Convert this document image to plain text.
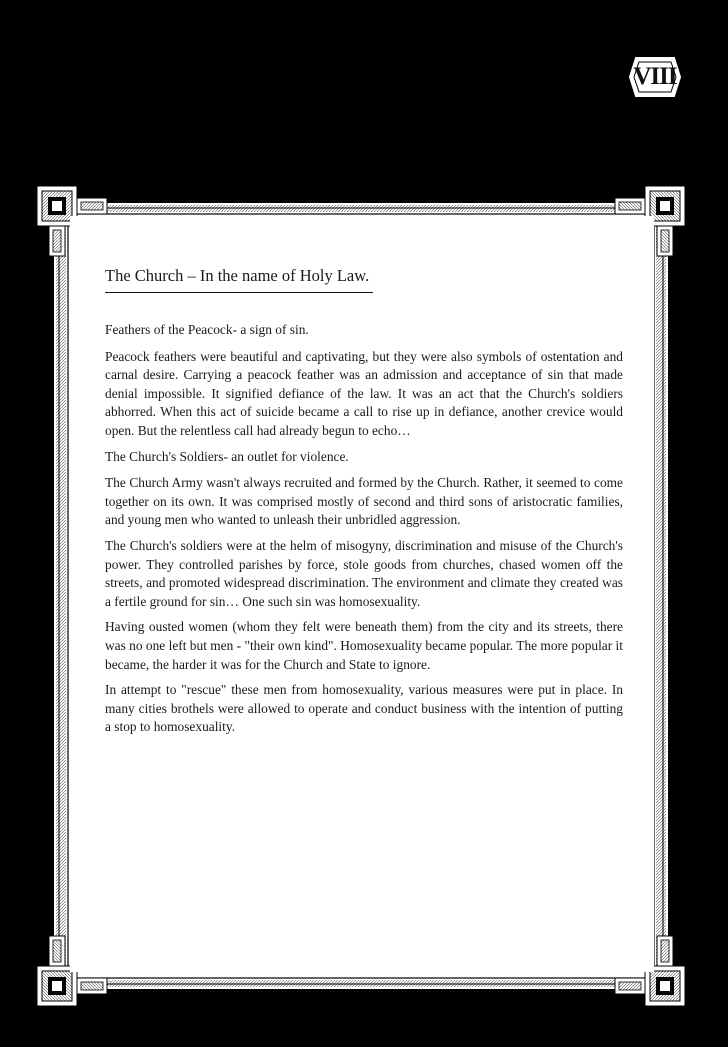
VIII
The Church – In the name of Holy Law.

Feathers of the Peacock- a sign of sin.

Peacock feathers were beautiful and captivating, but they were also symbols of ostentation and carnal desire. Carrying a peacock feather was an admission and acceptance of sin that made denial impossible. It signified defiance of the law. It was an act that the Church's soldiers abhorred. When this act of suicide became a call to rise up in defiance, another crevice would open. But the relentless call had already begun to echo…

The Church's Soldiers- an outlet for violence.

The Church Army wasn't always recruited and formed by the Church. Rather, it seemed to come together on its own. It was comprised mostly of second and third sons of aristocratic families, and young men who wanted to unleash their unbridled aggression.

The Church's soldiers were at the helm of misogyny, discrimination and misuse of the Church's power. They controlled parishes by force, stole goods from churches, chased women off the streets, and promoted widespread discrimination. The environment and climate they created was a fertile ground for sin… One such sin was homosexuality.

Having ousted women (whom they felt were beneath them) from the city and its streets, there was no one left but men - "their own kind". Homosexuality became popular. The more popular it became, the harder it was for the Church and State to ignore.

In attempt to "rescue" these men from homosexuality, various measures were put in place. In many cities brothels were allowed to operate and conduct business with the intention of putting a stop to homosexuality.
